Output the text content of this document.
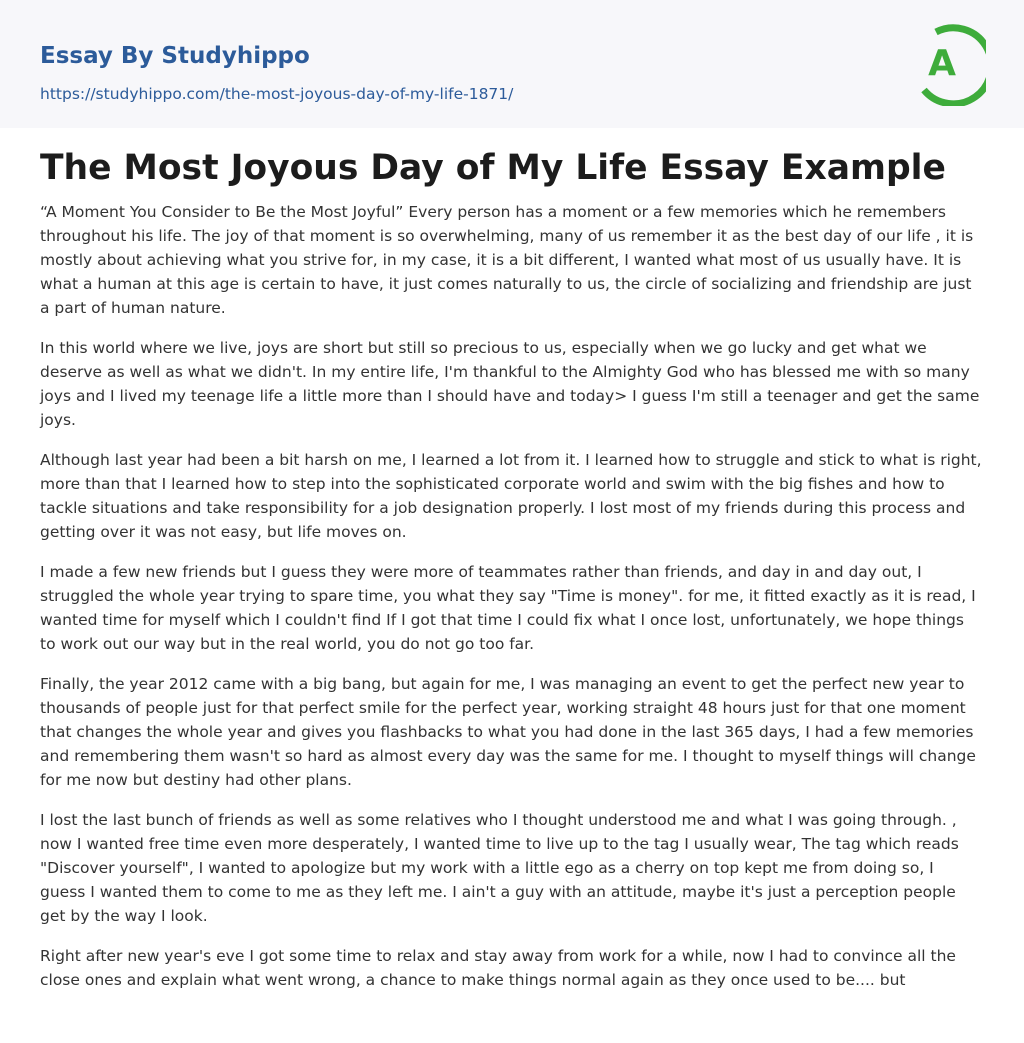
Essay By Studyhippo
https://studyhippo.com/the-most-joyous-day-of-my-life-1871/
A
The Most Joyous Day of My Life Essay Example

“A Moment You Consider to Be the Most Joyful” Every person has a moment or a few memories which he remembers throughout his life. The joy of that moment is so overwhelming, many of us remember it as the best day of our life , it is mostly about achieving what you strive for, in my case, it is a bit different, I wanted what most of us usually have. It is what a human at this age is certain to have, it just comes naturally to us, the circle of socializing and friendship are just a part of human nature.

In this world where we live, joys are short but still so precious to us, especially when we go lucky and get what we deserve as well as what we didn't. In my entire life, I'm thankful to the Almighty God who has blessed me with so many joys and I lived my teenage life a little more than I should have and today> I guess I'm still a teenager and get the same joys.

Although last year had been a bit harsh on me, I learned a lot from it. I learned how to struggle and stick to what is right, more than that I learned how to step into the sophisticated corporate world and swim with the big fishes and how to tackle situations and take responsibility for a job designation properly. I lost most of my friends during this process and getting over it was not easy, but life moves on.

I made a few new friends but I guess they were more of teammates rather than friends, and day in and day out, I struggled the whole year trying to spare time, you what they say "Time is money". for me, it fitted exactly as it is read, I wanted time for myself which I couldn't find If I got that time I could fix what I once lost, unfortunately, we hope things to work out our way but in the real world, you do not go too far.

Finally, the year 2012 came with a big bang, but again for me, I was managing an event to get the perfect new year to thousands of people just for that perfect smile for the perfect year, working straight 48 hours just for that one moment that changes the whole year and gives you flashbacks to what you had done in the last 365 days, I had a few memories and remembering them wasn't so hard as almost every day was the same for me. I thought to myself things will change for me now but destiny had other plans.

I lost the last bunch of friends as well as some relatives who I thought understood me and what I was going through. , now I wanted free time even more desperately, I wanted time to live up to the tag I usually wear, The tag which reads "Discover yourself", I wanted to apologize but my work with a little ego as a cherry on top kept me from doing so, I guess I wanted them to come to me as they left me. I ain't a guy with an attitude, maybe it's just a perception people get by the way I look.

Right after new year's eve I got some time to relax and stay away from work for a while, now I had to convince all the close ones and explain what went wrong, a chance to make things normal again as they once used to be.... but
